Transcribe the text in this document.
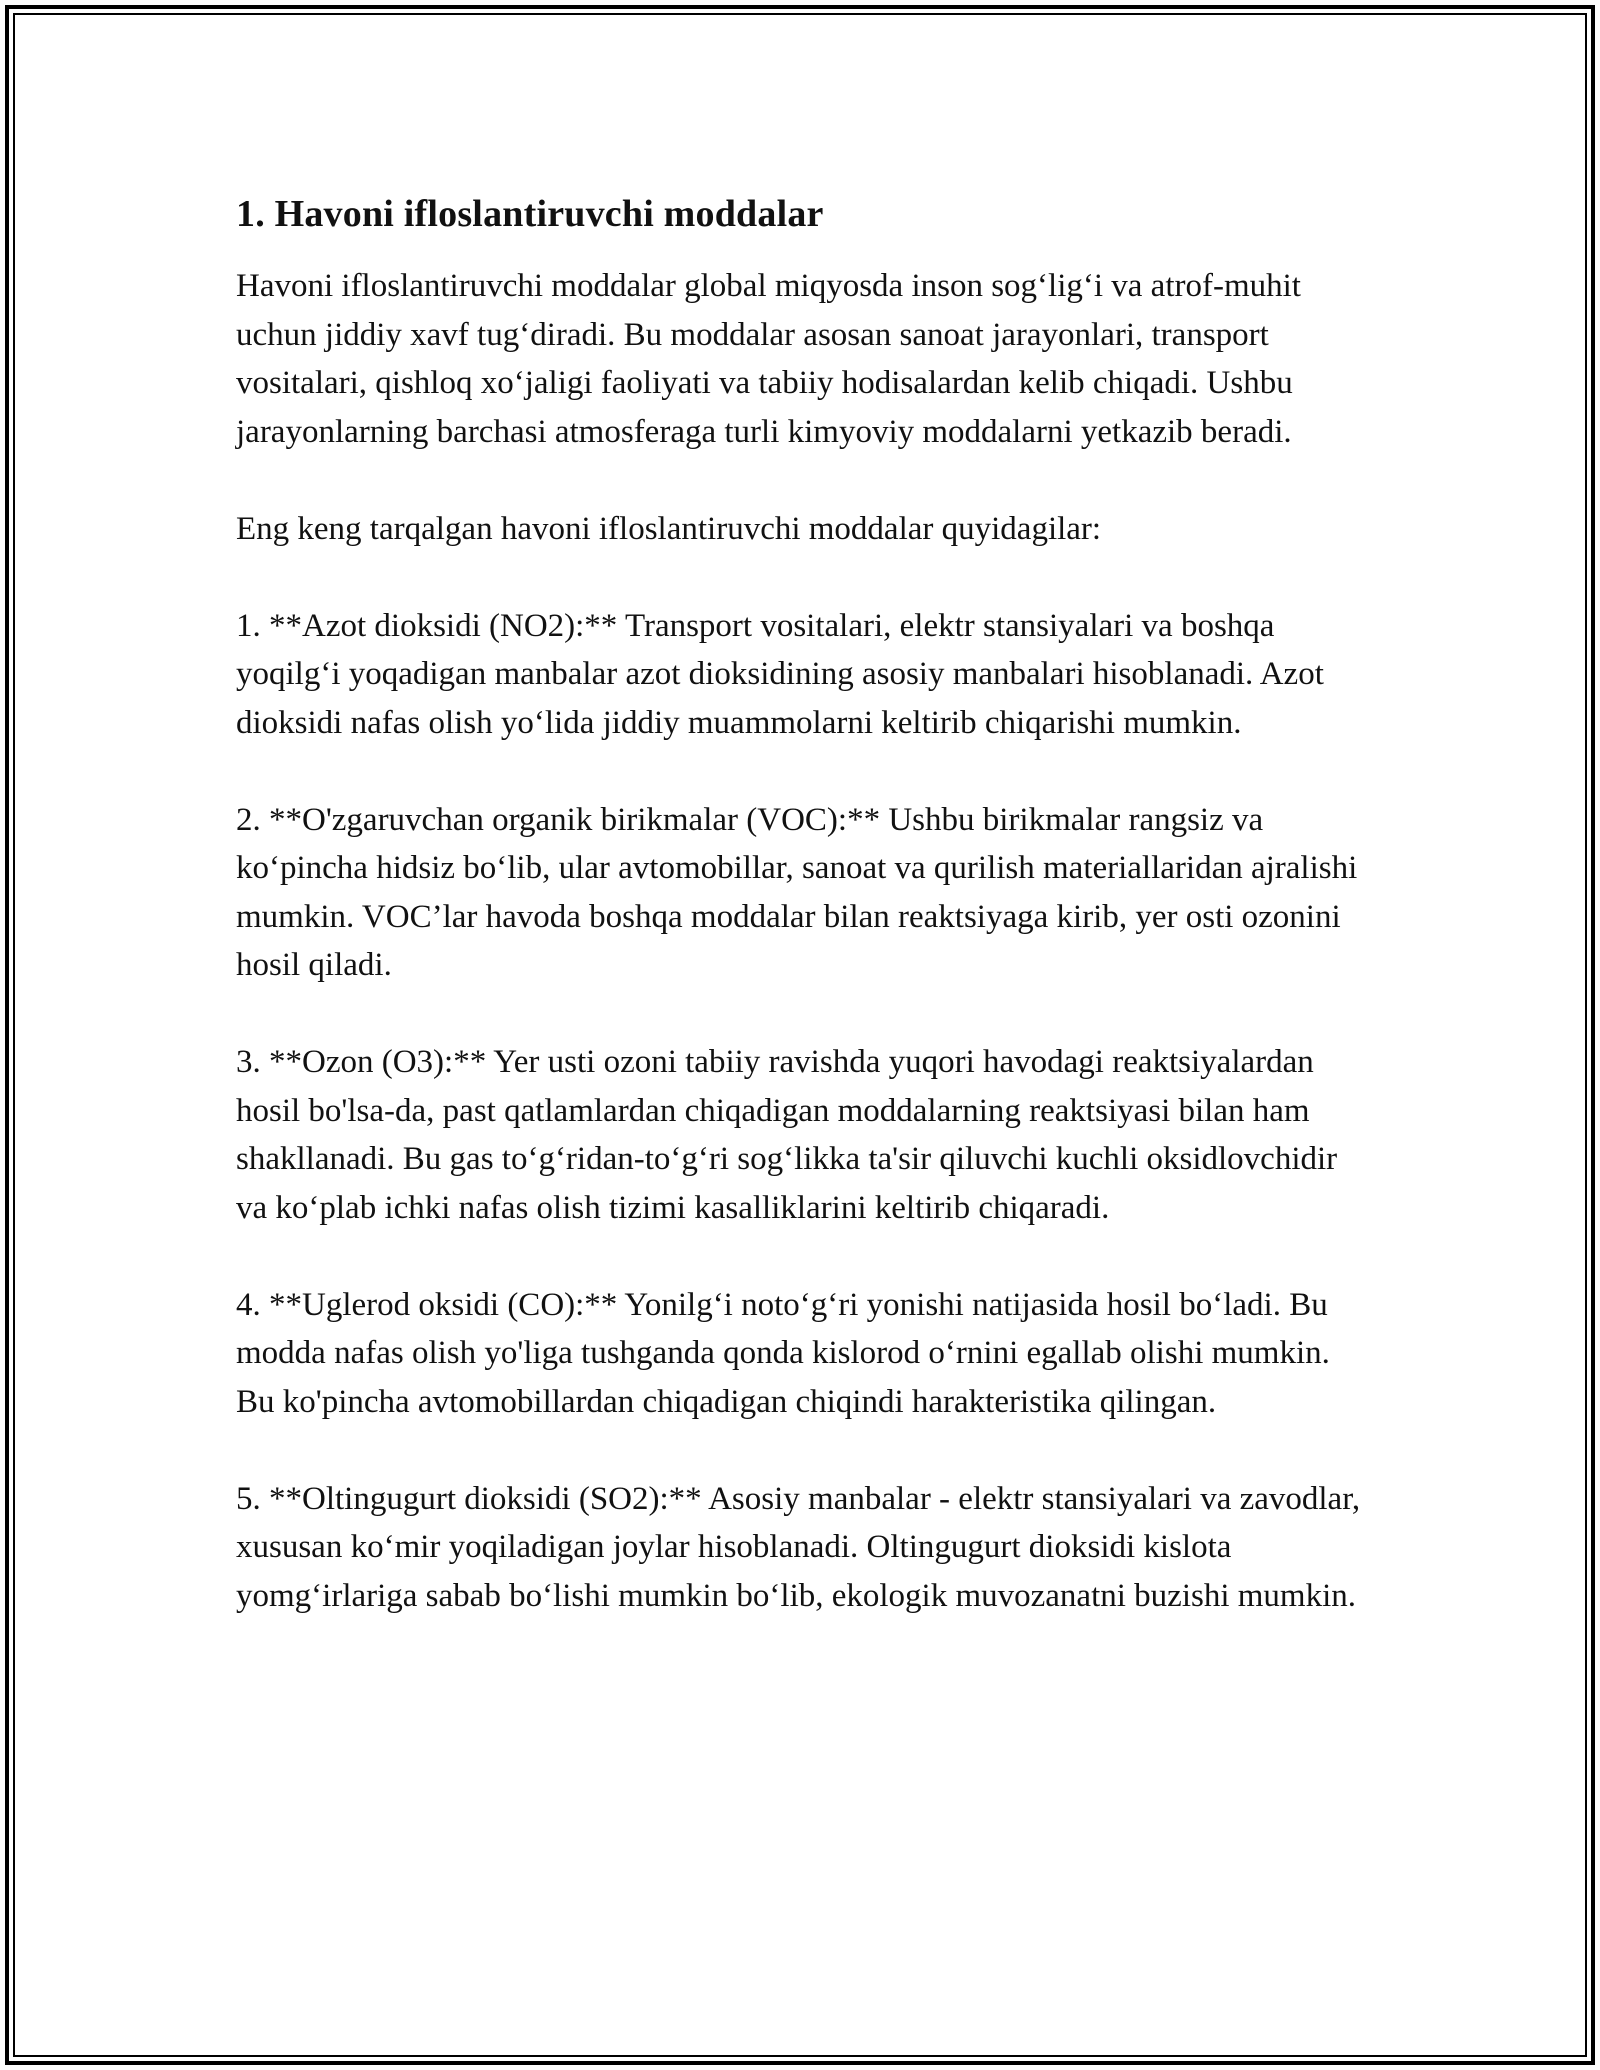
1. Havoni ifloslantiruvchi moddalar

Havoni ifloslantiruvchi moddalar global miqyosda inson sog‘lig‘i va atrof-muhit uchun jiddiy xavf tug‘diradi. Bu moddalar asosan sanoat jarayonlari, transport vositalari, qishloq xo‘jaligi faoliyati va tabiiy hodisalardan kelib chiqadi. Ushbu jarayonlarning barchasi atmosferaga turli kimyoviy moddalarni yetkazib beradi.

Eng keng tarqalgan havoni ifloslantiruvchi moddalar quyidagilar:

1. **Azot dioksidi (NO2):** Transport vositalari, elektr stansiyalari va boshqa yoqilg‘i yoqadigan manbalar azot dioksidining asosiy manbalari hisoblanadi. Azot dioksidi nafas olish yo‘lida jiddiy muammolarni keltirib chiqarishi mumkin.

2. **O'zgaruvchan organik birikmalar (VOC):** Ushbu birikmalar rangsiz va ko‘pincha hidsiz bo‘lib, ular avtomobillar, sanoat va qurilish materiallaridan ajralishi mumkin. VOC’lar havoda boshqa moddalar bilan reaktsiyaga kirib, yer osti ozonini hosil qiladi.

3. **Ozon (O3):** Yer usti ozoni tabiiy ravishda yuqori havodagi reaktsiyalardan hosil bo'lsa-da, past qatlamlardan chiqadigan moddalarning reaktsiyasi bilan ham shakllanadi. Bu gas to‘g‘ridan-to‘g‘ri sog‘likka ta'sir qiluvchi kuchli oksidlovchidir va ko‘plab ichki nafas olish tizimi kasalliklarini keltirib chiqaradi.

4. **Uglerod oksidi (CO):** Yonilg‘i noto‘g‘ri yonishi natijasida hosil bo‘ladi. Bu modda nafas olish yo'liga tushganda qonda kislorod o‘rnini egallab olishi mumkin. Bu ko'pincha avtomobillardan chiqadigan chiqindi harakteristika qilingan.

5. **Oltingugurt dioksidi (SO2):** Asosiy manbalar - elektr stansiyalari va zavodlar, xususan ko‘mir yoqiladigan joylar hisoblanadi. Oltingugurt dioksidi kislota yomg‘irlariga sabab bo‘lishi mumkin bo‘lib, ekologik muvozanatni buzishi mumkin.
